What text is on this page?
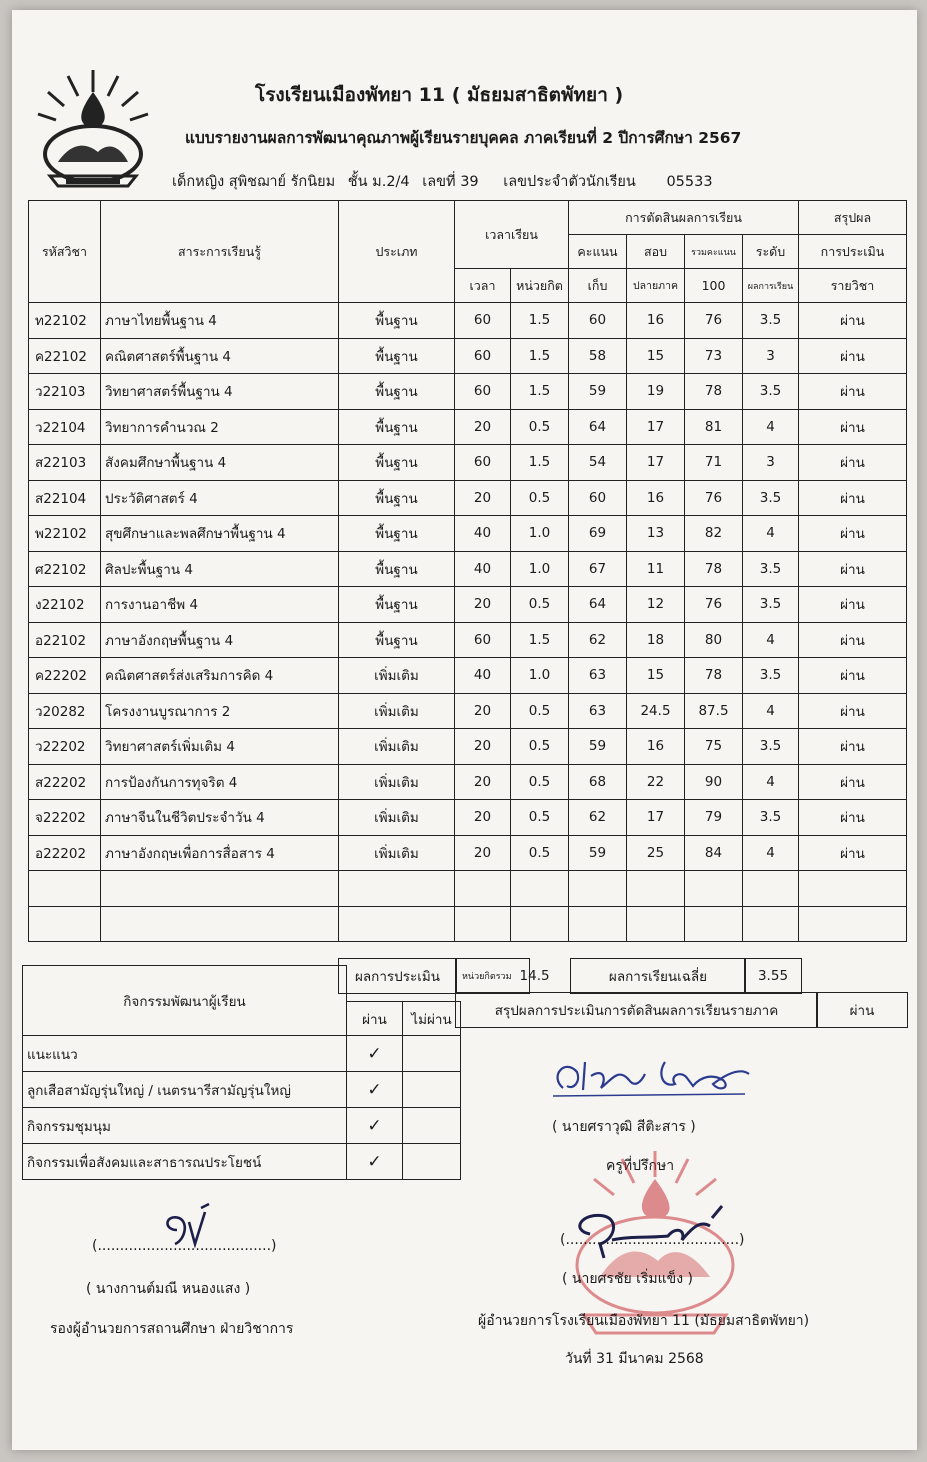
โรงเรียนเมืองพัทยา 11 ( มัธยมสาธิตพัทยา )
แบบรายงานผลการพัฒนาคุณภาพผู้เรียนรายบุคคล ภาคเรียนที่ 2 ปีการศึกษา 2567
เด็กหญิง สุพิชฌาย์ รักนิยม ชั้น ม.2/4 เลขที่ 39 เลขประจำตัวนักเรียน 05533
รหัสวิชา	สาระการเรียนรู้	ประเภท	เวลาเรียน		การตัดสินผลการเรียน				สรุปผล
					คะแนน	สอบ	รวมคะแนน	ระดับ	การประเมิน
			เวลา	หน่วยกิต	เก็บ	ปลายภาค	100	ผลการเรียน	รายวิชา
ท22102	ภาษาไทยพื้นฐาน 4	พื้นฐาน	60	1.5	60	16	76	3.5	ผ่าน
ค22102	คณิตศาสตร์พื้นฐาน 4	พื้นฐาน	60	1.5	58	15	73	3	ผ่าน
ว22103	วิทยาศาสตร์พื้นฐาน 4	พื้นฐาน	60	1.5	59	19	78	3.5	ผ่าน
ว22104	วิทยาการคำนวณ 2	พื้นฐาน	20	0.5	64	17	81	4	ผ่าน
ส22103	สังคมศึกษาพื้นฐาน 4	พื้นฐาน	60	1.5	54	17	71	3	ผ่าน
ส22104	ประวัติศาสตร์ 4	พื้นฐาน	20	0.5	60	16	76	3.5	ผ่าน
พ22102	สุขศึกษาและพลศึกษาพื้นฐาน 4	พื้นฐาน	40	1.0	69	13	82	4	ผ่าน
ศ22102	ศิลปะพื้นฐาน 4	พื้นฐาน	40	1.0	67	11	78	3.5	ผ่าน
ง22102	การงานอาชีพ 4	พื้นฐาน	20	0.5	64	12	76	3.5	ผ่าน
อ22102	ภาษาอังกฤษพื้นฐาน 4	พื้นฐาน	60	1.5	62	18	80	4	ผ่าน
ค22202	คณิตศาสตร์ส่งเสริมการคิด 4	เพิ่มเติม	40	1.0	63	15	78	3.5	ผ่าน
ว20282	โครงงานบูรณาการ 2	เพิ่มเติม	20	0.5	63	24.5	87.5	4	ผ่าน
ว22202	วิทยาศาสตร์เพิ่มเติม 4	เพิ่มเติม	20	0.5	59	16	75	3.5	ผ่าน
ส22202	การป้องกันการทุจริต 4	เพิ่มเติม	20	0.5	68	22	90	4	ผ่าน
จ22202	ภาษาจีนในชีวิตประจำวัน 4	เพิ่มเติม	20	0.5	62	17	79	3.5	ผ่าน
อ22202	ภาษาอังกฤษเพื่อการสื่อสาร 4	เพิ่มเติม	20	0.5	59	25	84	4	ผ่าน

ผลการประเมิน	หน่วยกิตรวม 14.5	ผลการเรียนเฉลี่ย	3.55
สรุปผลการประเมินการตัดสินผลการเรียนรายภาค	ผ่าน
กิจกรรมพัฒนาผู้เรียน		
	ผ่าน	ไม่ผ่าน
แนะแนว	✓	
ลูกเสือสามัญรุ่นใหญ่ / เนตรนารีสามัญรุ่นใหญ่	✓	
กิจกรรมชุมนุม	✓	
กิจกรรมเพื่อสังคมและสาธารณประโยชน์	✓	
( นายศราวุฒิ สีติะสาร )
ครูที่ปรึกษา
(.......................................)
( นายศรชัย เริ่มแข็ง )
ผู้อำนวยการโรงเรียนเมืองพัทยา 11 (มัธยมสาธิตพัทยา)
วันที่ 31 มีนาคม 2568
(.......................................)
( นางกานต์มณี หนองแสง )
รองผู้อำนวยการสถานศึกษา ฝ่ายวิชาการ
